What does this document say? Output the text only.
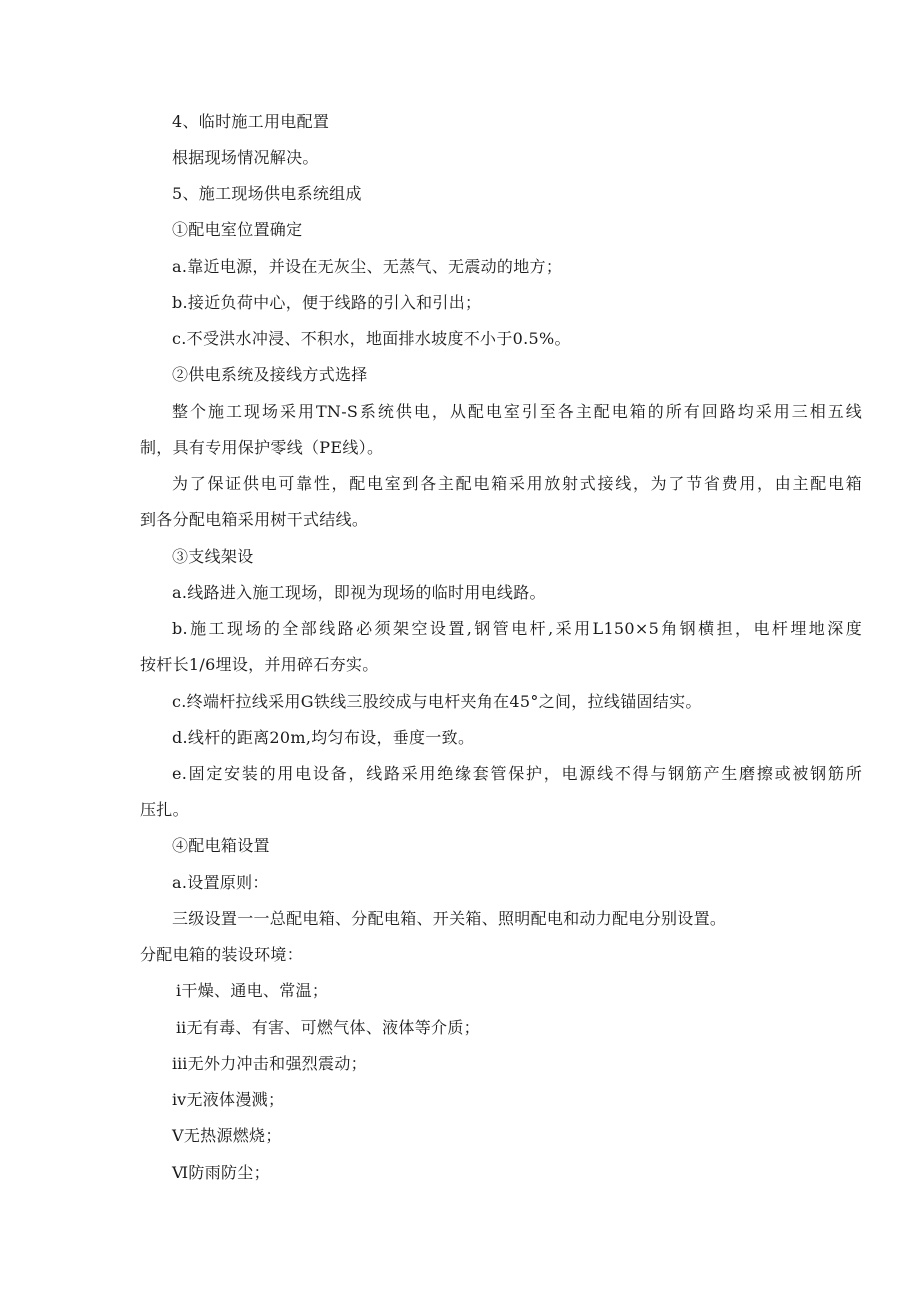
4、临时施工用电配置
根据现场情况解决。
5、施工现场供电系统组成
①配电室位置确定
a.靠近电源，并设在无灰尘、无蒸气、无震动的地方；
b.接近负荷中心，便于线路的引入和引出；
c.不受洪水冲浸、不积水，地面排水坡度不小于0.5%。
②供电系统及接线方式选择
整个施工现场采用TN-S系统供电，从配电室引至各主配电箱的所有回路均采用三相五线
制，具有专用保护零线（PE线）。
为了保证供电可靠性，配电室到各主配电箱采用放射式接线，为了节省费用，由主配电箱
到各分配电箱采用树干式结线。
③支线架设
a.线路进入施工现场，即视为现场的临时用电线路。
b.施工现场的全部线路必须架空设置,钢管电杆,采用L150×5角钢横担，电杆埋地深度
按杆长1/6埋设，并用碎石夯实。
c.终端杆拉线采用G铁线三股绞成与电杆夹角在45°之间，拉线锚固结实。
d.线杆的距离20m,均匀布设，垂度一致。
e.固定安装的用电设备，线路采用绝缘套管保护，电源线不得与钢筋产生磨擦或被钢筋所
压扎。
④配电箱设置
a.设置原则：
三级设置一一总配电箱、分配电箱、开关箱、照明配电和动力配电分别设置。
分配电箱的装设环境：
ⅰ干燥、通电、常温；
ⅱ无有毒、有害、可燃气体、液体等介质；
ⅲ无外力冲击和强烈震动；
ⅳ无液体漫溅；
Ⅴ无热源燃烧；
Ⅵ防雨防尘；
